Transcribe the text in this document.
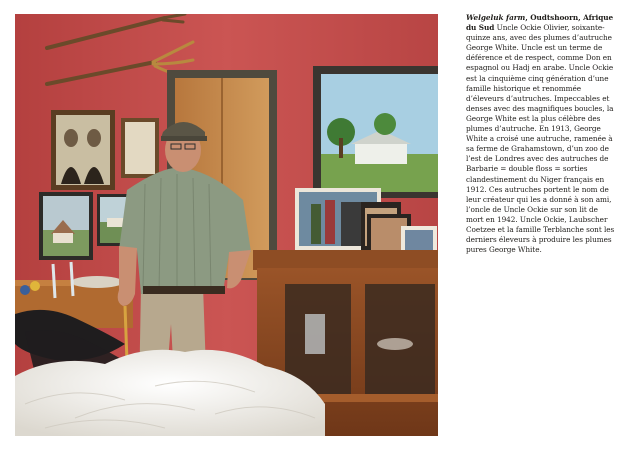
Welgeluk farm, Oudtshoorn, Afrique du Sud Uncle Ockie Olivier, soixante-quinze ans, avec des plumes d’autruche George White. Uncle est un terme de déférence et de respect, comme Don en espagnol ou Hadj en arabe. Uncle Ockie est la cinquième cinq génération d’une famille historique et renommée d’éleveurs d’autruches. Impeccables et denses avec des magnifiques boucles, la George White est la plus célèbre des plumes d’autruche. En 1913, George White a croisé une autruche, ramenée à sa ferme de Grahamstown, d’un zoo de l’est de Londres avec des autruches de Barbarie = double floss = sorties clandestinement du Niger français en 1912. Ces autruches portent le nom de leur créateur qui les a donné à son ami, l’oncle de Uncle Ockie sur son lit de mort en 1942. Uncle Ockie, Laubscher Coetzee et la famille Terblanche sont les derniers éleveurs à produire les plumes pures George White.
